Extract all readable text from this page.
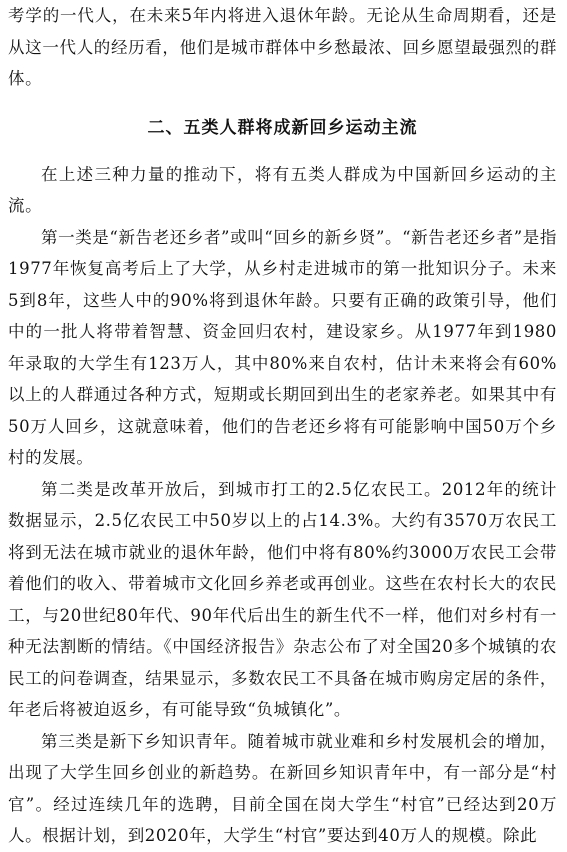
考学的一代人，在未来5年内将进入退休年龄。无论从生命周期看，还是从这一代人的经历看，他们是城市群体中乡愁最浓、回乡愿望最强烈的群体。

二、五类人群将成新回乡运动主流

在上述三种力量的推动下，将有五类人群成为中国新回乡运动的主流。

第一类是“新告老还乡者”或叫“回乡的新乡贤”。“新告老还乡者”是指1977年恢复高考后上了大学，从乡村走进城市的第一批知识分子。未来5到8年，这些人中的90%将到退休年龄。只要有正确的政策引导，他们中的一批人将带着智慧、资金回归农村，建设家乡。从1977年到1980年录取的大学生有123万人，其中80%来自农村，估计未来将会有60%以上的人群通过各种方式，短期或长期回到出生的老家养老。如果其中有50万人回乡，这就意味着，他们的告老还乡将有可能影响中国50万个乡村的发展。

第二类是改革开放后，到城市打工的2.5亿农民工。2012年的统计数据显示，2.5亿农民工中50岁以上的占14.3%。大约有3570万农民工将到无法在城市就业的退休年龄，他们中将有80%约3000万农民工会带着他们的收入、带着城市文化回乡养老或再创业。这些在农村长大的农民工，与20世纪80年代、90年代后出生的新生代不一样，他们对乡村有一种无法割断的情结。《中国经济报告》杂志公布了对全国20多个城镇的农民工的问卷调查，结果显示，多数农民工不具备在城市购房定居的条件，年老后将被迫返乡，有可能导致“负城镇化”。

第三类是新下乡知识青年。随着城市就业难和乡村发展机会的增加，出现了大学生回乡创业的新趋势。在新回乡知识青年中，有一部分是“村官”。经过连续几年的选聘，目前全国在岗大学生“村官”已经达到20万人。根据计划，到2020年，大学生“村官”要达到40万人的规模。除此
